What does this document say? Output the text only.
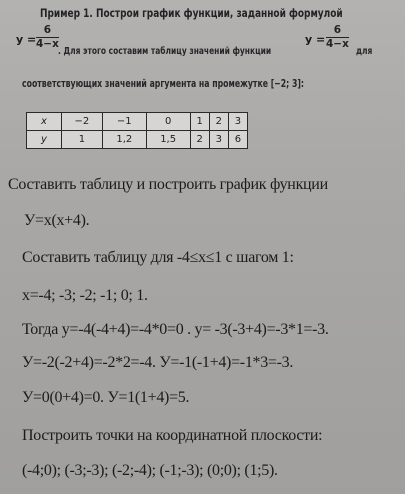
Пример 1. Построи график функции, заданной формулой
y =
6
4−x
. Для этого составим таблицу значений функции
y =
6
4−x
для
соответствующих значений аргумента на промежутке [−2; 3]:
x	−2	−1	0	1	2	3
y	1	1,2	1,5	2	3	6
Составить таблицу и построить график функции
У=х(х+4).
Составить таблицу для -4≤х≤1 с шагом 1:
х=-4; -3; -2; -1; 0; 1.
Тогда у=-4(-4+4)=-4*0=0 . у= -3(-3+4)=-3*1=-3.
У=-2(-2+4)=-2*2=-4. У=-1(-1+4)=-1*3=-3.
У=0(0+4)=0. У=1(1+4)=5.
Построить точки на координатной плоскости:
(-4;0); (-3;-3); (-2;-4); (-1;-3); (0;0); (1;5).
